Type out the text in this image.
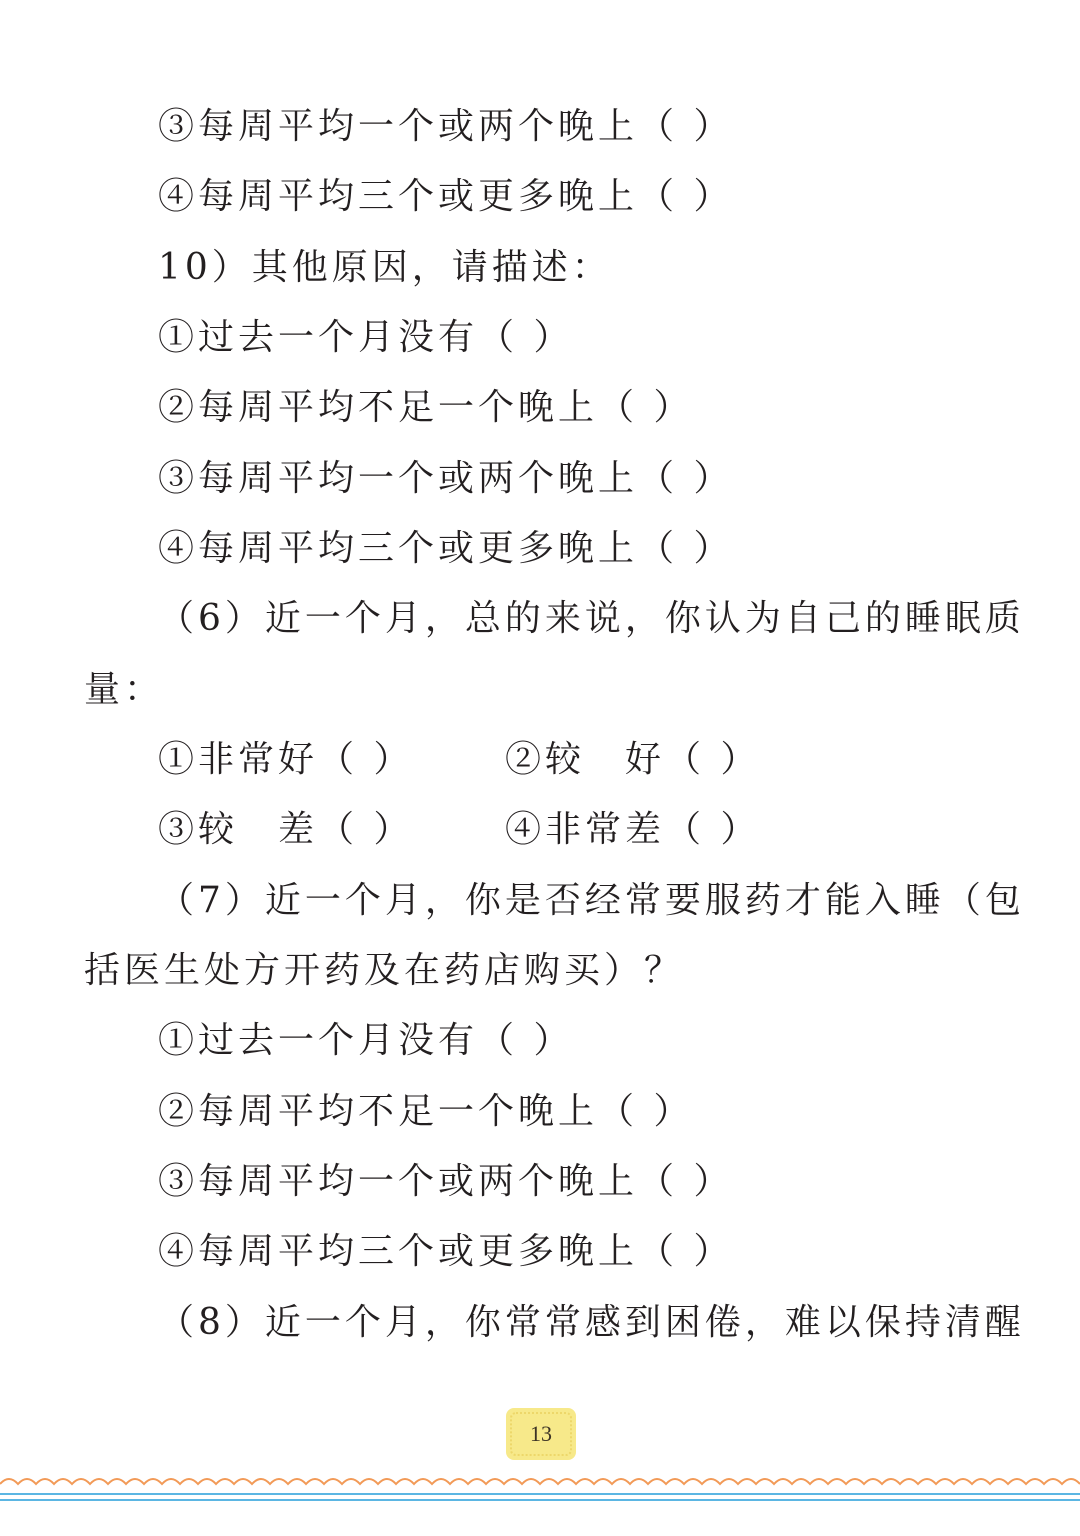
③每周平均一个或两个晚上（ ）

④每周平均三个或更多晚上（ ）

10）其他原因，请描述：

①过去一个月没有（ ）

②每周平均不足一个晚上（ ）

③每周平均一个或两个晚上（ ）

④每周平均三个或更多晚上（ ）

（6）近一个月，总的来说，你认为自己的睡眠质

量：

①非常好（ ）	②较　好（ ）

③较　差（ ）	④非常差（ ）

（7）近一个月，你是否经常要服药才能入睡（包

括医生处方开药及在药店购买）？

①过去一个月没有（ ）

②每周平均不足一个晚上（ ）

③每周平均一个或两个晚上（ ）

④每周平均三个或更多晚上（ ）

（8）近一个月，你常常感到困倦，难以保持清醒

13
